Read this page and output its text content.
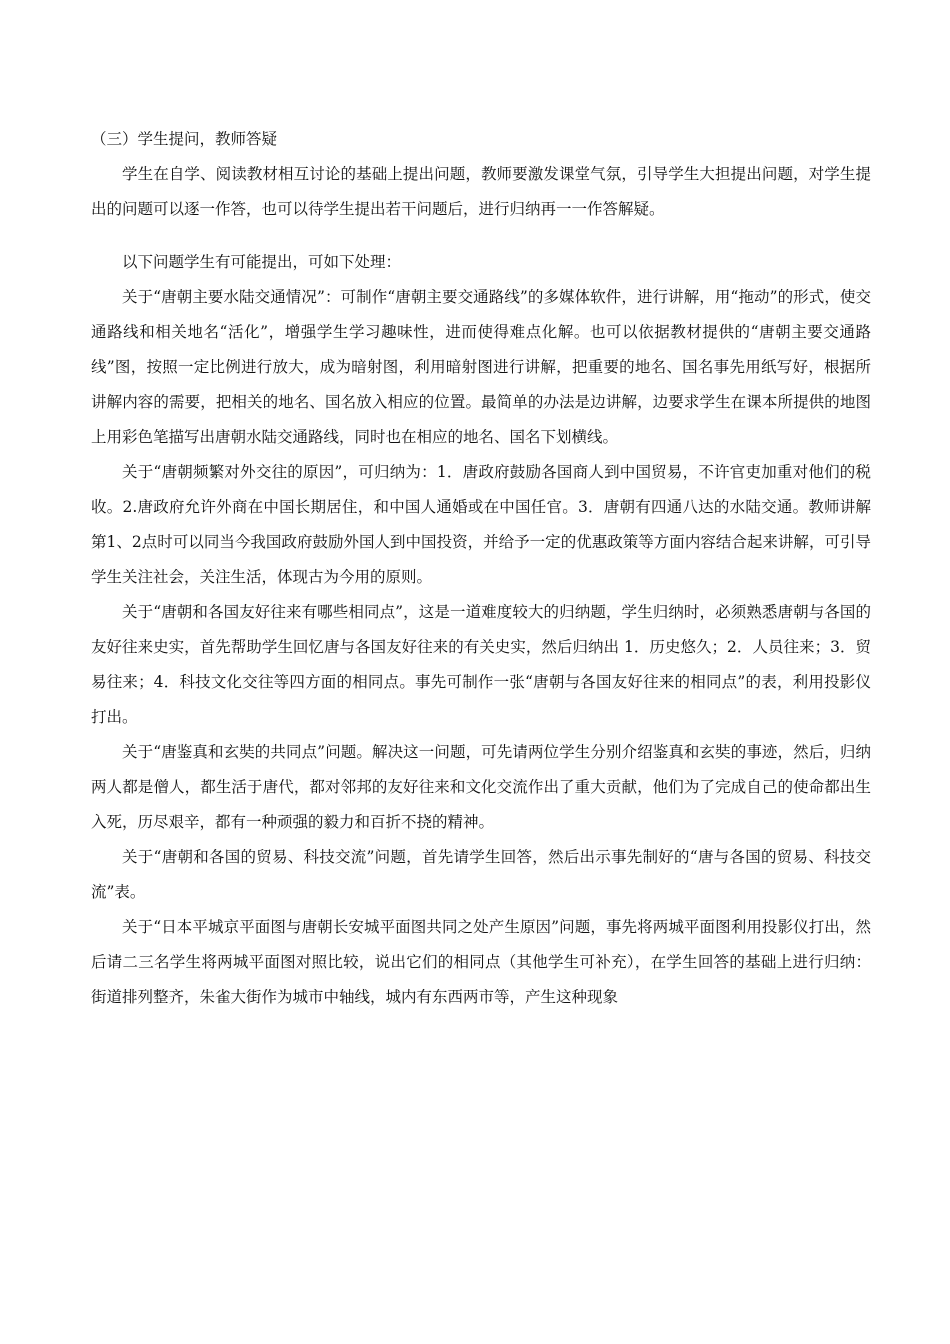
（三）学生提问，教师答疑

学生在自学、阅读教材相互讨论的基础上提出问题，教师要激发课堂气氛，引导学生大担提出问题，对学生提出的问题可以逐一作答，也可以待学生提出若干问题后，进行归纳再一一作答解疑。

以下问题学生有可能提出，可如下处理：

关于“唐朝主要水陆交通情况”：可制作“唐朝主要交通路线”的多媒体软件，进行讲解，用“拖动”的形式，使交通路线和相关地名“活化”，增强学生学习趣味性，进而使得难点化解。也可以依据教材提供的“唐朝主要交通路线”图，按照一定比例进行放大，成为暗射图，利用暗射图进行讲解，把重要的地名、国名事先用纸写好，根据所讲解内容的需要，把相关的地名、国名放入相应的位置。最简单的办法是边讲解，边要求学生在课本所提供的地图上用彩色笔描写出唐朝水陆交通路线，同时也在相应的地名、国名下划横线。

关于“唐朝频繁对外交往的原因”，可归纳为：1．唐政府鼓励各国商人到中国贸易，不许官吏加重对他们的税收。2.唐政府允许外商在中国长期居住，和中国人通婚或在中国任官。3．唐朝有四通八达的水陆交通。教师讲解第1、2点时可以同当今我国政府鼓励外国人到中国投资，并给予一定的优惠政策等方面内容结合起来讲解，可引导学生关注社会，关注生活，体现古为今用的原则。

关于“唐朝和各国友好往来有哪些相同点”，这是一道难度较大的归纳题，学生归纳时，必须熟悉唐朝与各国的友好往来史实，首先帮助学生回忆唐与各国友好往来的有关史实，然后归纳出 1．历史悠久；2．人员往来；3．贸易往来；4．科技文化交往等四方面的相同点。事先可制作一张“唐朝与各国友好往来的相同点”的表，利用投影仪打出。

关于“唐鉴真和玄奘的共同点”问题。解决这一问题，可先请两位学生分别介绍鉴真和玄奘的事迹，然后，归纳两人都是僧人，都生活于唐代，都对邻邦的友好往来和文化交流作出了重大贡献，他们为了完成自己的使命都出生入死，历尽艰辛，都有一种顽强的毅力和百折不挠的精神。

关于“唐朝和各国的贸易、科技交流”问题，首先请学生回答，然后出示事先制好的“唐与各国的贸易、科技交流”表。

关于“日本平城京平面图与唐朝长安城平面图共同之处产生原因”问题，事先将两城平面图利用投影仪打出，然后请二三名学生将两城平面图对照比较，说出它们的相同点（其他学生可补充），在学生回答的基础上进行归纳：街道排列整齐，朱雀大街作为城市中轴线，城内有东西两市等，产生这种现象
